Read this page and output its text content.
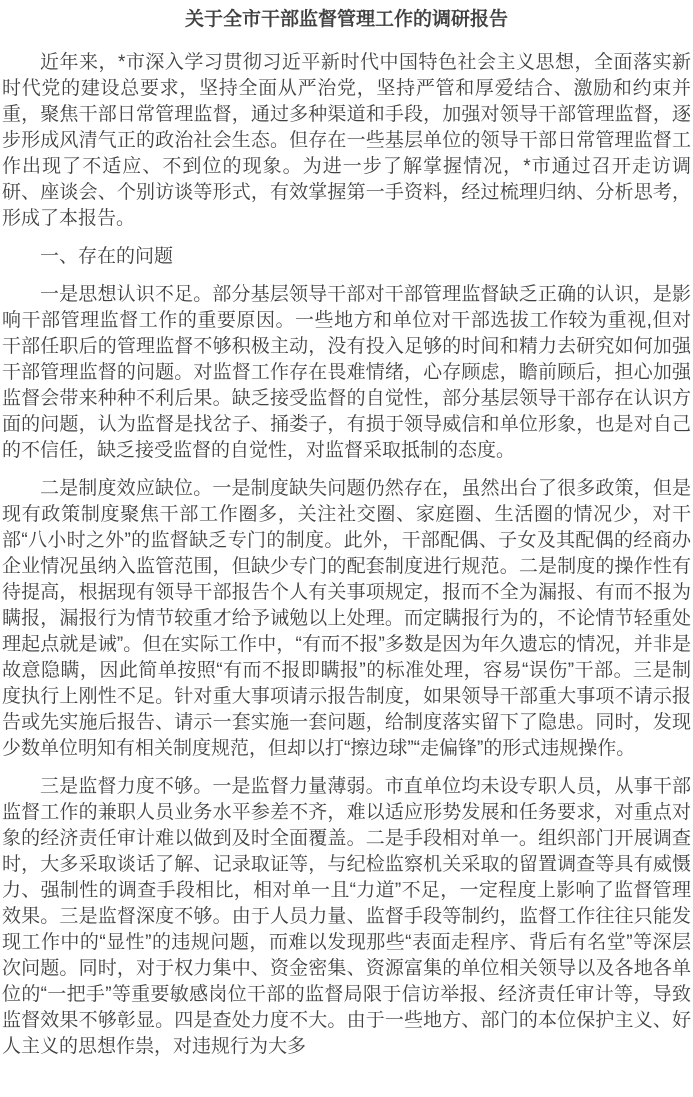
关于全市干部监督管理工作的调研报告

近年来，*市深入学习贯彻习近平新时代中国特色社会主义思想，全面落实新时代党的建设总要求，坚持全面从严治党，坚持严管和厚爱结合、激励和约束并重，聚焦干部日常管理监督，通过多种渠道和手段，加强对领导干部管理监督，逐步形成风清气正的政治社会生态。但存在一些基层单位的领导干部日常管理监督工作出现了不适应、不到位的现象。为进一步了解掌握情况，*市通过召开走访调研、座谈会、个别访谈等形式，有效掌握第一手资料，经过梳理归纳、分析思考，形成了本报告。

一、存在的问题

一是思想认识不足。部分基层领导干部对干部管理监督缺乏正确的认识，是影响干部管理监督工作的重要原因。一些地方和单位对干部选拔工作较为重视,但对干部任职后的管理监督不够积极主动，没有投入足够的时间和精力去研究如何加强干部管理监督的问题。对监督工作存在畏难情绪，心存顾虑，瞻前顾后，担心加强监督会带来种种不利后果。缺乏接受监督的自觉性，部分基层领导干部存在认识方面的问题，认为监督是找岔子、捅娄子，有损于领导威信和单位形象，也是对自己的不信任，缺乏接受监督的自觉性，对监督采取抵制的态度。

二是制度效应缺位。一是制度缺失问题仍然存在，虽然出台了很多政策，但是现有政策制度聚焦干部工作圈多，关注社交圈、家庭圈、生活圈的情况少，对干部“八小时之外”的监督缺乏专门的制度。此外，干部配偶、子女及其配偶的经商办企业情况虽纳入监管范围，但缺少专门的配套制度进行规范。二是制度的操作性有待提高，根据现有领导干部报告个人有关事项规定，报而不全为漏报、有而不报为瞒报，漏报行为情节较重才给予诫勉以上处理。而定瞒报行为的，不论情节轻重处理起点就是诫”。但在实际工作中，“有而不报”多数是因为年久遗忘的情况，并非是故意隐瞒，因此简单按照“有而不报即瞒报”的标准处理，容易“误伤”干部。三是制度执行上刚性不足。针对重大事项请示报告制度，如果领导干部重大事项不请示报告或先实施后报告、请示一套实施一套问题，给制度落实留下了隐患。同时，发现少数单位明知有相关制度规范，但却以打“擦边球”“走偏锋”的形式违规操作。

三是监督力度不够。一是监督力量薄弱。市直单位均未设专职人员，从事干部监督工作的兼职人员业务水平参差不齐，难以适应形势发展和任务要求，对重点对象的经济责任审计难以做到及时全面覆盖。二是手段相对单一。组织部门开展调查时，大多采取谈话了解、记录取证等，与纪检监察机关采取的留置调查等具有威慑力、强制性的调查手段相比，相对单一且“力道”不足，一定程度上影响了监督管理效果。三是监督深度不够。由于人员力量、监督手段等制约，监督工作往往只能发现工作中的“显性”的违规问题，而难以发现那些“表面走程序、背后有名堂”等深层次问题。同时，对于权力集中、资金密集、资源富集的单位相关领导以及各地各单位的“一把手”等重要敏感岗位干部的监督局限于信访举报、经济责任审计等，导致监督效果不够彰显。四是查处力度不大。由于一些地方、部门的本位保护主义、好人主义的思想作祟，对违规行为大多
